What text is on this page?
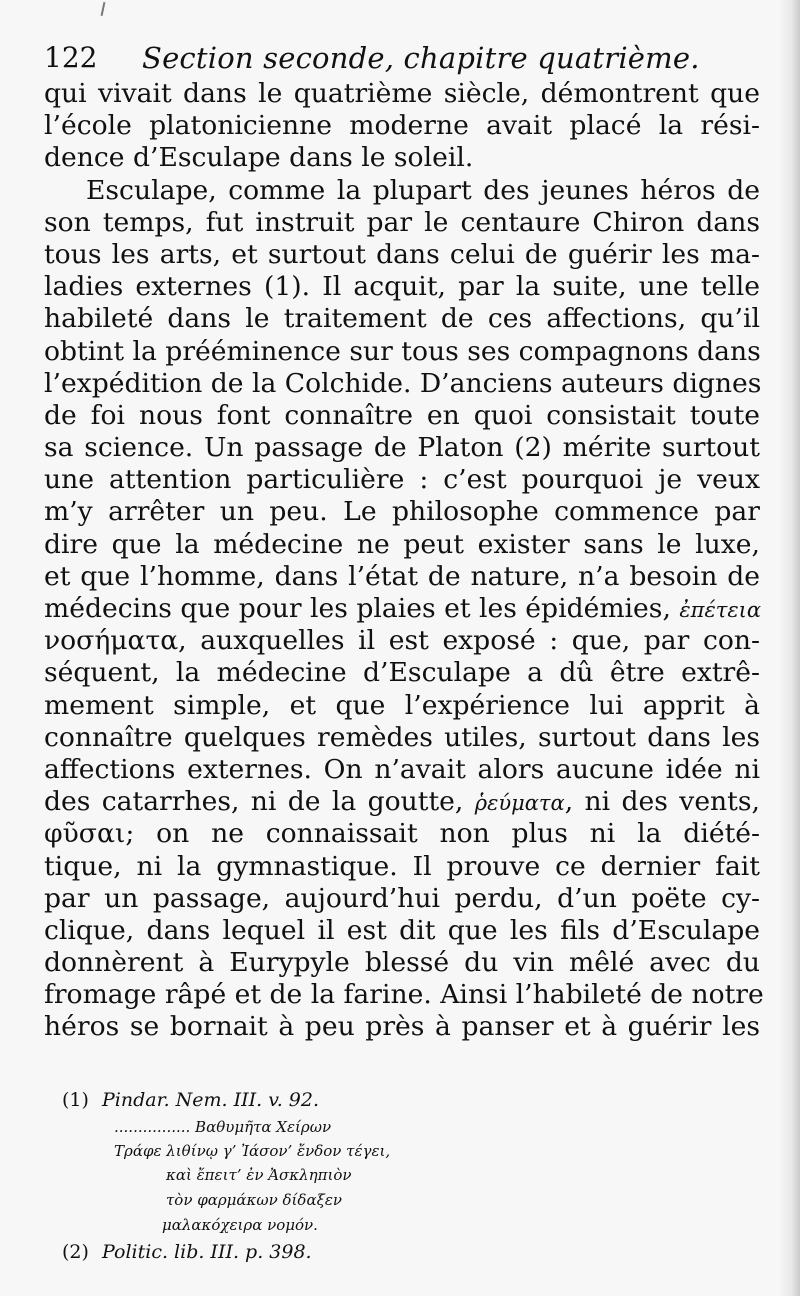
122 Section seconde, chapitre quatrième.
qui vivait dans le quatrième siècle, démontrent que
l’école platonicienne moderne avait placé la rési-
dence d’Esculape dans le soleil.
Esculape, comme la plupart des jeunes héros de
son temps, fut instruit par le centaure Chiron dans
tous les arts, et surtout dans celui de guérir les ma-
ladies externes (1). Il acquit, par la suite, une telle
habileté dans le traitement de ces affections, qu’il
obtint la prééminence sur tous ses compagnons dans
l’expédition de la Colchide. D’anciens auteurs dignes
de foi nous font connaître en quoi consistait toute
sa science. Un passage de Platon (2) mérite surtout
une attention particulière : c’est pourquoi je veux
m’y arrêter un peu. Le philosophe commence par
dire que la médecine ne peut exister sans le luxe,
et que l’homme, dans l’état de nature, n’a besoin de
médecins que pour les plaies et les épidémies, ἐπέτεια
νοσήματα, auxquelles il est exposé : que, par con-
séquent, la médecine d’Esculape a dû être extrê-
mement simple, et que l’expérience lui apprit à
connaître quelques remèdes utiles, surtout dans les
affections externes. On n’avait alors aucune idée ni
des catarrhes, ni de la goutte, ῥεύματα, ni des vents,
φῦσαι; on ne connaissait non plus ni la diété-
tique, ni la gymnastique. Il prouve ce dernier fait
par un passage, aujourd’hui perdu, d’un poëte cy-
clique, dans lequel il est dit que les fils d’Esculape
donnèrent à Eurypyle blessé du vin mêlé avec du
fromage râpé et de la farine. Ainsi l’habileté de notre
héros se bornait à peu près à panser et à guérir les
(1) Pindar. Nem. III. v. 92.
................ Βαθυμῆτα Χείρων
Τρά‌φε λιθίνῳ γ’ Ἰάσον’ ἔνδον τέγει,
καὶ ἔπειτ’ ἐν Ἀσκληπιὸν
τὸν φαρμάκων δίδαξεν
μαλακόχειρα νομόν.
(2) Politic. lib. III. p. 398.
